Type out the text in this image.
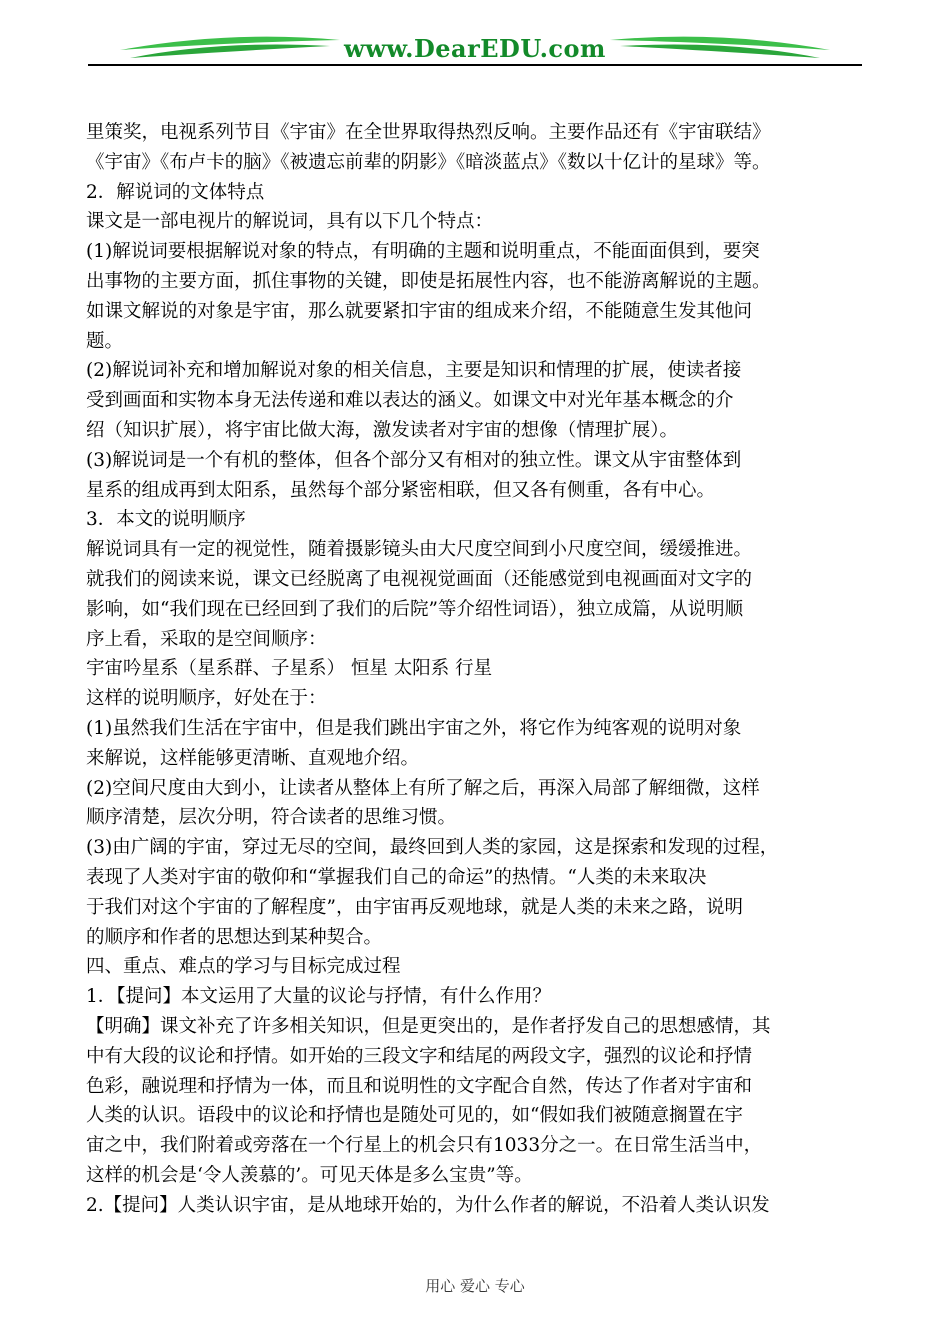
www.DearEDU.com
里策奖，电视系列节目《宇宙》在全世界取得热烈反响。主要作品还有《宇宙联结》
《宇宙》《布卢卡的脑》《被遗忘前辈的阴影》《暗淡蓝点》《数以十亿计的星球》等。
2．解说词的文体特点
课文是一部电视片的解说词，具有以下几个特点：
(1)解说词要根据解说对象的特点，有明确的主题和说明重点，不能面面俱到，要突
出事物的主要方面，抓住事物的关键，即使是拓展性内容，也不能游离解说的主题。
如课文解说的对象是宇宙，那么就要紧扣宇宙的组成来介绍，不能随意生发其他问
题。
(2)解说词补充和增加解说对象的相关信息，主要是知识和情理的扩展，使读者接
受到画面和实物本身无法传递和难以表达的涵义。如课文中对光年基本概念的介
绍（知识扩展），将宇宙比做大海，激发读者对宇宙的想像（情理扩展）。
(3)解说词是一个有机的整体，但各个部分又有相对的独立性。课文从宇宙整体到
星系的组成再到太阳系，虽然每个部分紧密相联，但又各有侧重，各有中心。
3．本文的说明顺序
解说词具有一定的视觉性，随着摄影镜头由大尺度空间到小尺度空间，缓缓推进。
就我们的阅读来说，课文已经脱离了电视视觉画面（还能感觉到电视画面对文字的
影响，如“我们现在已经回到了我们的后院”等介绍性词语），独立成篇，从说明顺
序上看，采取的是空间顺序：
宇宙吟星系（星系群、子星系） 恒星 太阳系 行星
这样的说明顺序，好处在于：
(1)虽然我们生活在宇宙中，但是我们跳出宇宙之外，将它作为纯客观的说明对象
来解说，这样能够更清晰、直观地介绍。
(2)空间尺度由大到小，让读者从整体上有所了解之后，再深入局部了解细微，这样
顺序清楚，层次分明，符合读者的思维习惯。
(3)由广阔的宇宙，穿过无尽的空间，最终回到人类的家园，这是探索和发现的过程，
表现了人类对宇宙的敬仰和“掌握我们自己的命运”的热情。“人类的未来取决
于我们对这个宇宙的了解程度”，由宇宙再反观地球，就是人类的未来之路，说明
的顺序和作者的思想达到某种契合。
四、重点、难点的学习与目标完成过程
1．【提问】本文运用了大量的议论与抒情，有什么作用？
【明确】课文补充了许多相关知识，但是更突出的，是作者抒发自己的思想感情，其
中有大段的议论和抒情。如开始的三段文字和结尾的两段文字，强烈的议论和抒情
色彩，融说理和抒情为一体，而且和说明性的文字配合自然，传达了作者对宇宙和
人类的认识。语段中的议论和抒情也是随处可见的，如“假如我们被随意搁置在宇
宙之中，我们附着或旁落在一个行星上的机会只有1033分之一。在日常生活当中，
这样的机会是‘令人羡慕的’。可见天体是多么宝贵”等。
2.【提问】人类认识宇宙，是从地球开始的，为什么作者的解说，不沿着人类认识发
用心 爱心 专心
